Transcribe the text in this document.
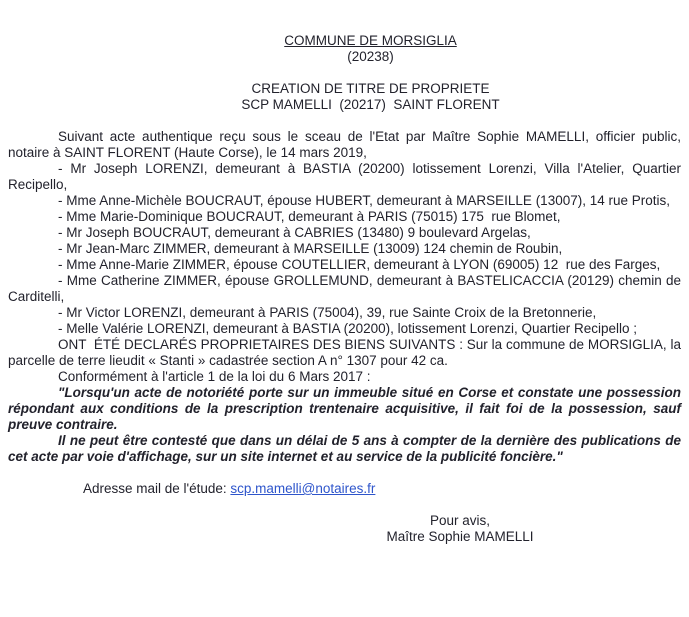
COMMUNE DE MORSIGLIA
(20238)
CREATION DE TITRE DE PROPRIETE
SCP MAMELLI  (20217)  SAINT FLORENT

Suivant acte authentique reçu sous le sceau de l'Etat par Maître Sophie MAMELLI, officier public, notaire à SAINT FLORENT (Haute Corse), le 14 mars 2019,

- Mr Joseph LORENZI, demeurant à BASTIA (20200) lotissement Lorenzi, Villa l'Atelier, Quartier Recipello,

- Mme Anne-Michèle BOUCRAUT, épouse HUBERT, demeurant à MARSEILLE (13007), 14 rue Protis,

- Mme Marie-Dominique BOUCRAUT, demeurant à PARIS (75015) 175  rue Blomet,

- Mr Joseph BOUCRAUT, demeurant à CABRIES (13480) 9 boulevard Argelas,

- Mr Jean-Marc ZIMMER, demeurant à MARSEILLE (13009) 124 chemin de Roubin,

- Mme Anne-Marie ZIMMER, épouse COUTELLIER, demeurant à LYON (69005) 12  rue des Farges,

- Mme Catherine ZIMMER, épouse GROLLEMUND, demeurant à BASTELICACCIA (20129) chemin de Carditelli,

- Mr Victor LORENZI, demeurant à PARIS (75004), 39, rue Sainte Croix de la Bretonnerie,

- Melle Valérie LORENZI, demeurant à BASTIA (20200), lotissement Lorenzi, Quartier Recipello ;

ONT  ÉTÉ DECLARÉS PROPRIETAIRES DES BIENS SUIVANTS : Sur la commune de MORSIGLIA, la parcelle de terre lieudit « Stanti » cadastrée section A n° 1307 pour 42 ca.

Conformément à l'article 1 de la loi du 6 Mars 2017 :

"Lorsqu'un acte de notoriété porte sur un immeuble situé en Corse et constate une possession répondant aux conditions de la prescription trentenaire acquisitive, il fait foi de la possession, sauf preuve contraire.

Il ne peut être contesté que dans un délai de 5 ans à compter de la dernière des publications de cet acte par voie d'affichage, sur un site internet et au service de la publicité foncière."

Adresse mail de l'étude: scp.mamelli@notaires.fr

Pour avis,
Maître Sophie MAMELLI
